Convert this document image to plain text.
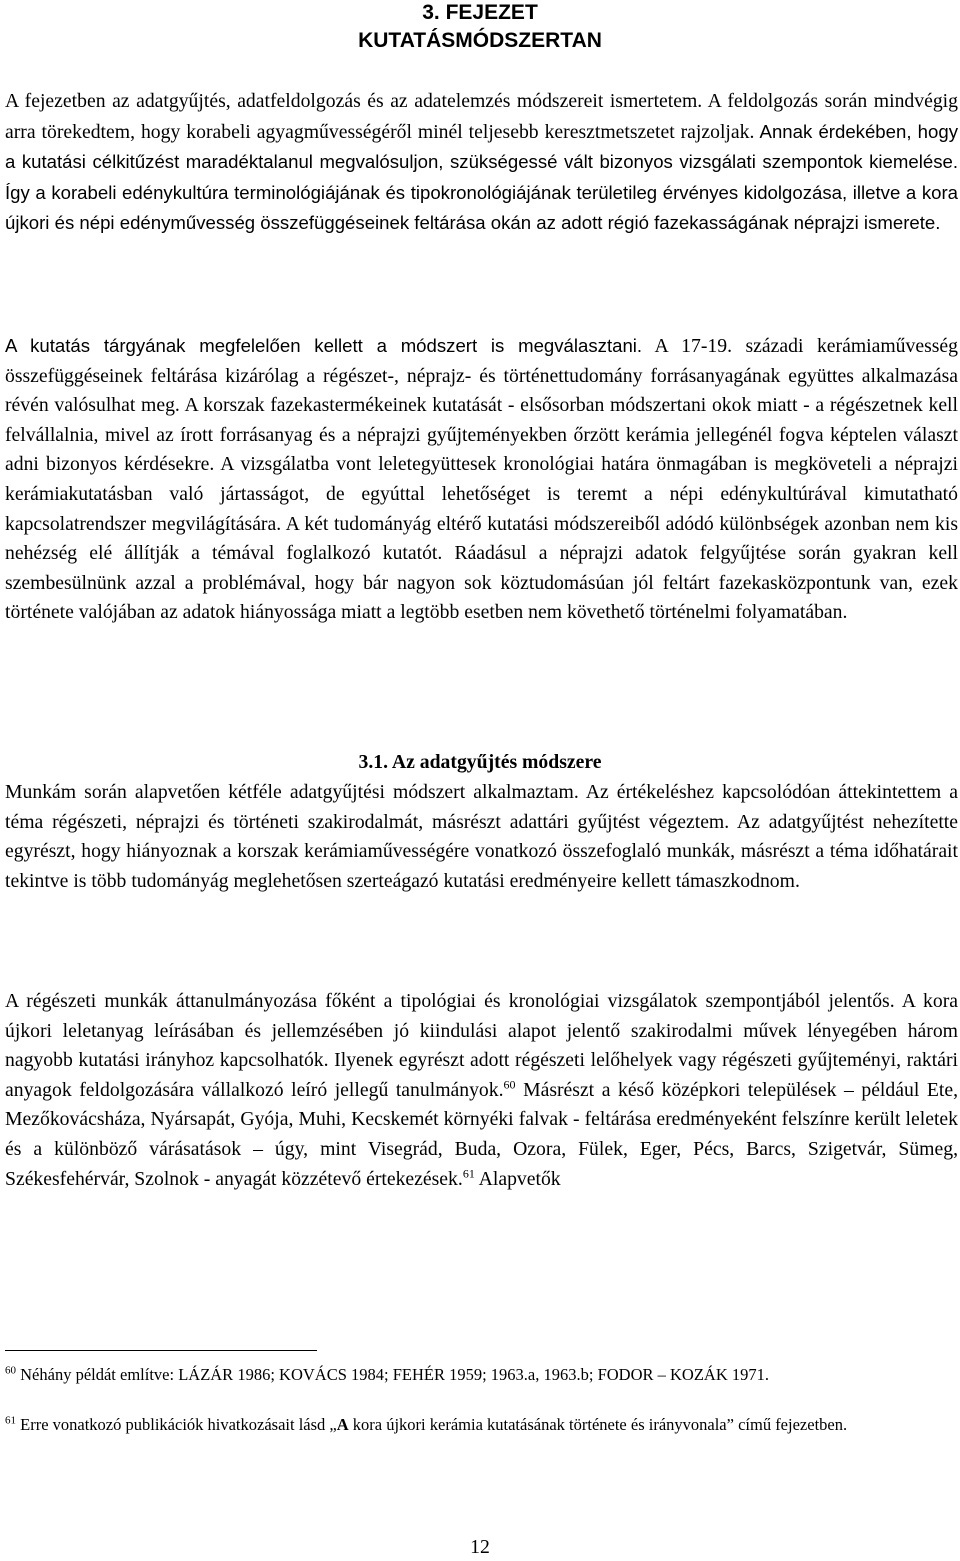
3. FEJEZET
KUTATÁSMÓDSZERTAN

A fejezetben az adatgyűjtés, adatfeldolgozás és az adatelemzés módszereit ismertetem. A feldolgozás során mindvégig arra törekedtem, hogy korabeli agyagművességéről minél teljesebb keresztmetszetet rajzoljak. Annak érdekében, hogy a kutatási célkitűzést maradéktalanul megvalósuljon, szükségessé vált bizonyos vizsgálati szempontok kiemelése. Így a korabeli edénykultúra terminológiájának és tipokronológiájának területileg érvényes kidolgozása, illetve a kora újkori és népi edényművesség összefüggéseinek feltárása okán az adott régió fazekasságának néprajzi ismerete.

A kutatás tárgyának megfelelően kellett a módszert is megválasztani. A 17-19. századi kerámiaművesség összefüggéseinek feltárása kizárólag a régészet-, néprajz- és történettudomány forrásanyagának együttes alkalmazása révén valósulhat meg. A korszak fazekastermékeinek kutatását - elsősorban módszertani okok miatt - a régészetnek kell felvállalnia, mivel az írott forrásanyag és a néprajzi gyűjteményekben őrzött kerámia jellegénél fogva képtelen választ adni bizonyos kérdésekre. A vizsgálatba vont leletegyüttesek kronológiai határa önmagában is megköveteli a néprajzi kerámiakutatásban való jártasságot, de egyúttal lehetőséget is teremt a népi edénykultúrával kimutatható kapcsolatrendszer megvilágítására. A két tudományág eltérő kutatási módszereiből adódó különbségek azonban nem kis nehézség elé állítják a témával foglalkozó kutatót. Ráadásul a néprajzi adatok felgyűjtése során gyakran kell szembesülnünk azzal a problémával, hogy bár nagyon sok köztudomásúan jól feltárt fazekasközpontunk van, ezek története valójában az adatok hiányossága miatt a legtöbb esetben nem követhető történelmi folyamatában.

3.1. Az adatgyűjtés módszere

Munkám során alapvetően kétféle adatgyűjtési módszert alkalmaztam. Az értékeléshez kapcsolódóan áttekintettem a téma régészeti, néprajzi és történeti szakirodalmát, másrészt adattári gyűjtést végeztem. Az adatgyűjtést nehezítette egyrészt, hogy hiányoznak a korszak kerámiaművességére vonatkozó összefoglaló munkák, másrészt a téma időhatárait tekintve is több tudományág meglehetősen szerteágazó kutatási eredményeire kellett támaszkodnom.

A régészeti munkák áttanulmányozása főként a tipológiai és kronológiai vizsgálatok szempontjából jelentős. A kora újkori leletanyag leírásában és jellemzésében jó kiindulási alapot jelentő szakirodalmi művek lényegében három nagyobb kutatási irányhoz kapcsolhatók. Ilyenek egyrészt adott régészeti lelőhelyek vagy régészeti gyűjteményi, raktári anyagok feldolgozására vállalkozó leíró jellegű tanulmányok.$^{60}$ Másrészt a késő középkori települések – például Ete, Mezőkovácsháza, Nyársapát, Gyója, Muhi, Kecskemét környéki falvak - feltárása eredményeként felszínre került leletek és a különböző várásatások – úgy, mint Visegrád, Buda, Ozora, Fülek, Eger, Pécs, Barcs, Szigetvár, Sümeg, Székesfehérvár, Szolnok - anyagát közzétevő értekezések.$^{61}$ Alapvetők

$^{60}$ Néhány példát említve: LÁZÁR 1986; KOVÁCS 1984; FEHÉR 1959; 1963.a, 1963.b; FODOR – KOZÁK 1971.

$^{61}$ Erre vonatkozó publikációk hivatkozásait lásd „A kora újkori kerámia kutatásának története és irányvonala” című fejezetben.

12
